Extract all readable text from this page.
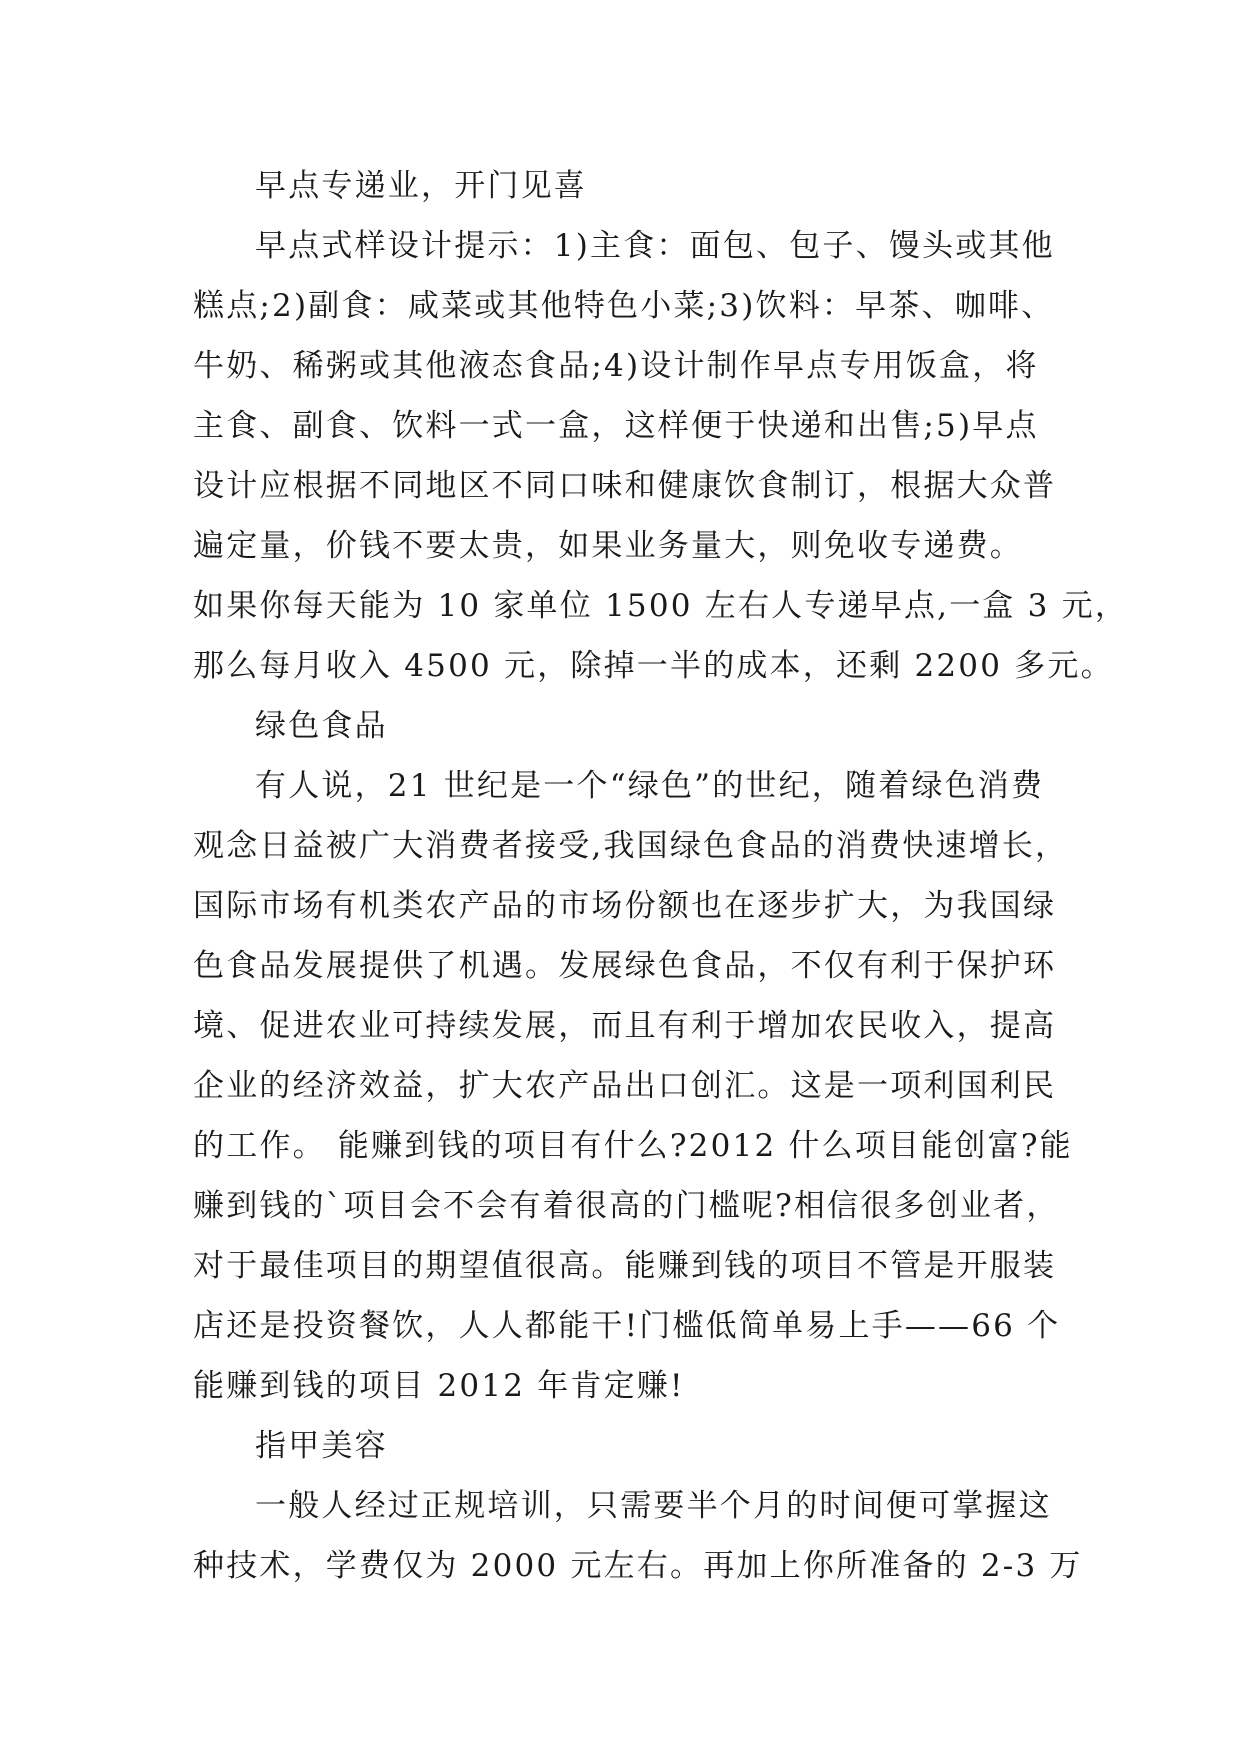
早点专递业，开门见喜
早点式样设计提示：1)主食：面包、包子、馒头或其他
糕点;2)副食：咸菜或其他特色小菜;3)饮料：早茶、咖啡、
牛奶、稀粥或其他液态食品;4)设计制作早点专用饭盒，将
主食、副食、饮料一式一盒，这样便于快递和出售;5)早点
设计应根据不同地区不同口味和健康饮食制订，根据大众普
遍定量，价钱不要太贵，如果业务量大，则免收专递费。
如果你每天能为 10 家单位 1500 左右人专递早点,一盒 3 元，
那么每月收入 4500 元，除掉一半的成本，还剩 2200 多元。
绿色食品
有人说，21 世纪是一个“绿色”的世纪，随着绿色消费
观念日益被广大消费者接受,我国绿色食品的消费快速增长，
国际市场有机类农产品的市场份额也在逐步扩大，为我国绿
色食品发展提供了机遇。发展绿色食品，不仅有利于保护环
境、促进农业可持续发展，而且有利于增加农民收入，提高
企业的经济效益，扩大农产品出口创汇。这是一项利国利民
的工作。 能赚到钱的项目有什么?2012 什么项目能创富?能
赚到钱的`项目会不会有着很高的门槛呢?相信很多创业者，
对于最佳项目的期望值很高。能赚到钱的项目不管是开服装
店还是投资餐饮，人人都能干!门槛低简单易上手——66 个
能赚到钱的项目 2012 年肯定赚!
指甲美容
一般人经过正规培训，只需要半个月的时间便可掌握这
种技术，学费仅为 2000 元左右。再加上你所准备的 2-3 万
